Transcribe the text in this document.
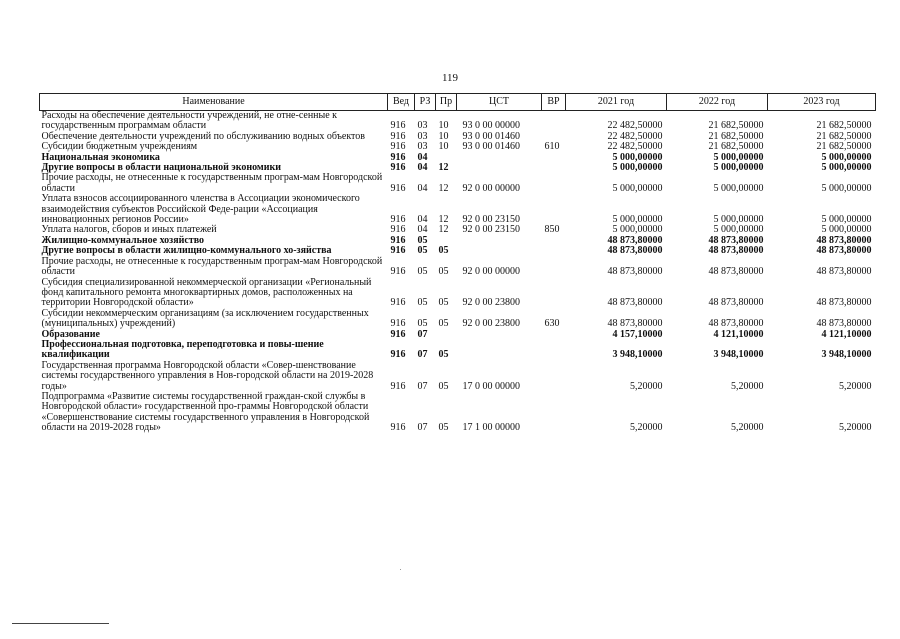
119
Наименование	Вед	РЗ	Пр	ЦСТ	ВР	2021 год	2022 год	2023 год
Расходы на обеспечение деятельности учреждений, не отне-сенные к государственным программам области	916	03	10	93 0 00 00000		22 482,50000	21 682,50000	21 682,50000
Обеспечение деятельности учреждений по обслуживанию водных объектов	916	03	10	93 0 00 01460		22 482,50000	21 682,50000	21 682,50000
Субсидии бюджетным учреждениям	916	03	10	93 0 00 01460	610	22 482,50000	21 682,50000	21 682,50000
Национальная экономика	916	04				5 000,00000	5 000,00000	5 000,00000
Другие вопросы в области национальной экономики	916	04	12			5 000,00000	5 000,00000	5 000,00000
Прочие расходы, не отнесенные к государственным програм-мам Новгородской области	916	04	12	92 0 00 00000		5 000,00000	5 000,00000	5 000,00000
Уплата взносов ассоциированного членства в Ассоциации экономического взаимодействия субъектов Российской Феде-рации «Ассоциация инновационных регионов России»	916	04	12	92 0 00 23150		5 000,00000	5 000,00000	5 000,00000
Уплата налогов, сборов и иных платежей	916	04	12	92 0 00 23150	850	5 000,00000	5 000,00000	5 000,00000
Жилищно-коммунальное хозяйство	916	05				48 873,80000	48 873,80000	48 873,80000
Другие вопросы в области жилищно-коммунального хо-зяйства	916	05	05			48 873,80000	48 873,80000	48 873,80000
Прочие расходы, не отнесенные к государственным програм-мам Новгородской области	916	05	05	92 0 00 00000		48 873,80000	48 873,80000	48 873,80000
Субсидия специализированной некоммерческой организации «Региональный фонд капитального ремонта многоквартирных домов, расположенных на территории Новгородской области»	916	05	05	92 0 00 23800		48 873,80000	48 873,80000	48 873,80000
Субсидии некоммерческим организациям (за исключением государственных (муниципальных) учреждений)	916	05	05	92 0 00 23800	630	48 873,80000	48 873,80000	48 873,80000
Образование	916	07				4 157,10000	4 121,10000	4 121,10000
Профессиональная подготовка, переподготовка и повы-шение квалификации	916	07	05			3 948,10000	3 948,10000	3 948,10000
Государственная программа Новгородской области «Совер-шенствование системы государственного управления в Нов-городской области на 2019-2028 годы»	916	07	05	17 0 00 00000		5,20000	5,20000	5,20000
Подпрограмма «Развитие системы государственной граждан-ской службы в Новгородской области» государственной про-граммы Новгородской области «Совершенствование системы государственного управления в Новгородской области на 2019-2028 годы»	916	07	05	17 1 00 00000		5,20000	5,20000	5,20000
